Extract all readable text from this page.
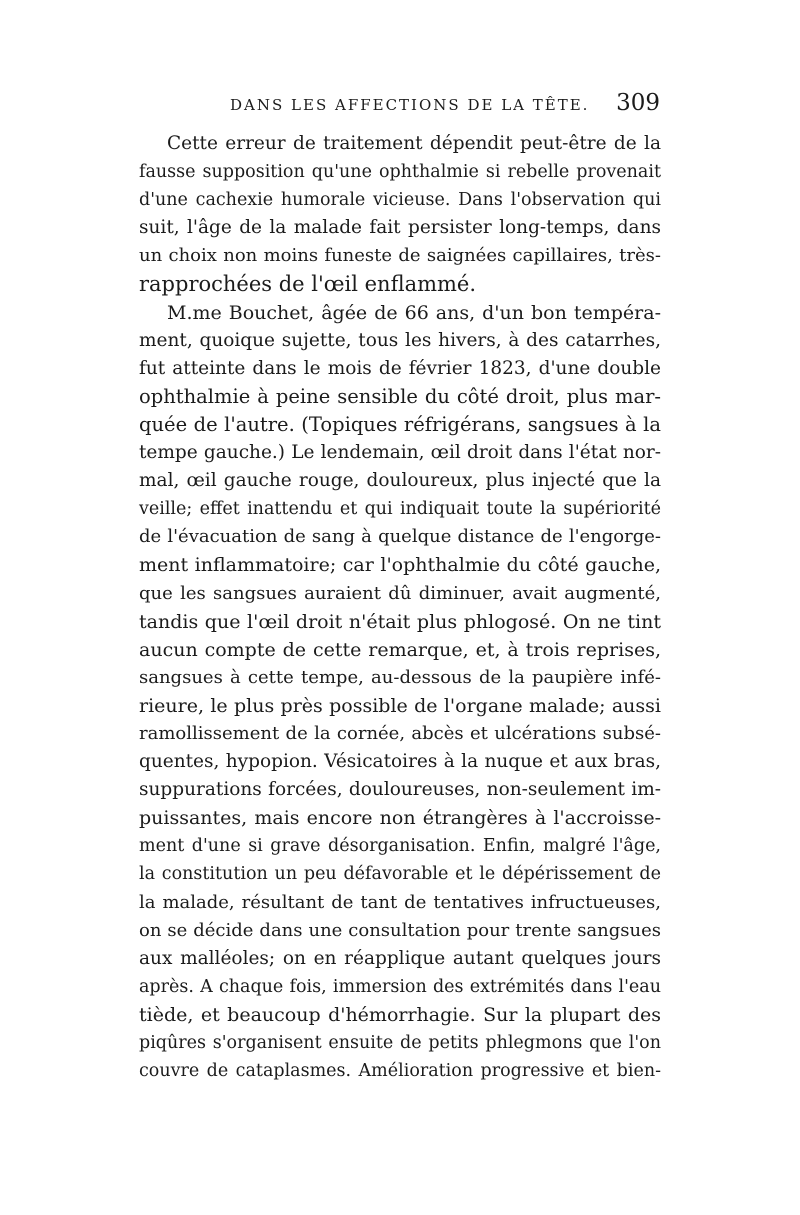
DANS LES AFFECTIONS DE LA TÊTE. 309
Cette erreur de traitement dépendit peut-être de la
fausse supposition qu'une ophthalmie si rebelle provenait
d'une cachexie humorale vicieuse. Dans l'observation qui
suit, l'âge de la malade fait persister long-temps, dans
un choix non moins funeste de saignées capillaires, très-
rapprochées de l'œil enflammé.
M.me Bouchet, âgée de 66 ans, d'un bon tempéra-
ment, quoique sujette, tous les hivers, à des catarrhes,
fut atteinte dans le mois de février 1823, d'une double
ophthalmie à peine sensible du côté droit, plus mar-
quée de l'autre. (Topiques réfrigérans, sangsues à la
tempe gauche.) Le lendemain, œil droit dans l'état nor-
mal, œil gauche rouge, douloureux, plus injecté que la
veille; effet inattendu et qui indiquait toute la supériorité
de l'évacuation de sang à quelque distance de l'engorge-
ment inflammatoire; car l'ophthalmie du côté gauche,
que les sangsues auraient dû diminuer, avait augmenté,
tandis que l'œil droit n'était plus phlogosé. On ne tint
aucun compte de cette remarque, et, à trois reprises,
sangsues à cette tempe, au-dessous de la paupière infé-
rieure, le plus près possible de l'organe malade; aussi
ramollissement de la cornée, abcès et ulcérations subsé-
quentes, hypopion. Vésicatoires à la nuque et aux bras,
suppurations forcées, douloureuses, non-seulement im-
puissantes, mais encore non étrangères à l'accroisse-
ment d'une si grave désorganisation. Enfin, malgré l'âge,
la constitution un peu défavorable et le dépérissement de
la malade, résultant de tant de tentatives infructueuses,
on se décide dans une consultation pour trente sangsues
aux malléoles; on en réapplique autant quelques jours
après. A chaque fois, immersion des extrémités dans l'eau
tiède, et beaucoup d'hémorrhagie. Sur la plupart des
piqûres s'organisent ensuite de petits phlegmons que l'on
couvre de cataplasmes. Amélioration progressive et bien-
